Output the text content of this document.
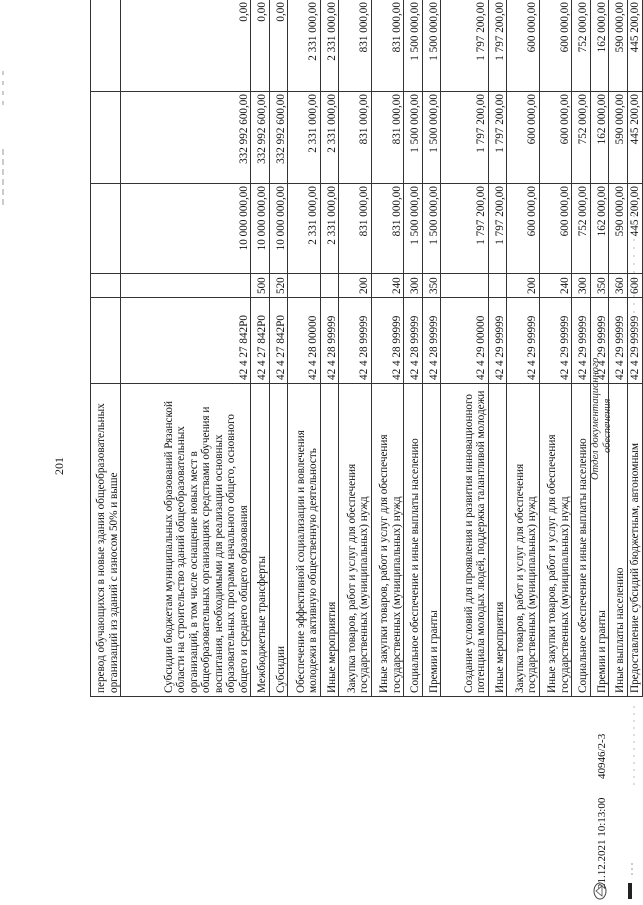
201	перевод обучающихся в новые здания общеобразовательных организаций из зданий с износом 50% и выше					
Субсидии бюджетам муниципальных образований Рязанской области на строительство зданий общеобразовательных организаций, в том числе оснащение новых мест в общеобразовательных организациях средствами обучения и воспитания, необходимыми для реализации основных образовательных программ начального общего, основного общего и среднего общего образования	42 4 27 842Р0		10 000 000,00	332 992 600,00	0,00
Межбюджетные трансферты	42 4 27 842Р0	500	10 000 000,00	332 992 600,00	0,00
Субсидии	42 4 27 842Р0	520	10 000 000,00	332 992 600,00	0,00
Обеспечение эффективной социализации и вовлечения молодежи в активную общественную деятельность	42 4 28 00000		2 331 000,00	2 331 000,00	2 331 000,00
Иные мероприятия	42 4 28 99999		2 331 000,00	2 331 000,00	2 331 000,00
Закупка товаров, работ и услуг для обеспечения государственных (муниципальных) нужд	42 4 28 99999	200	831 000,00	831 000,00	831 000,00
Иные закупки товаров, работ и услуг для обеспечения государственных (муниципальных) нужд	42 4 28 99999	240	831 000,00	831 000,00	831 000,00
Социальное обеспечение и иные выплаты населению	42 4 28 99999	300	1 500 000,00	1 500 000,00	1 500 000,00
Премии и гранты	42 4 28 99999	350	1 500 000,00	1 500 000,00	1 500 000,00
Создание условий для проявления и развития инновационного потенциала молодых людей, поддержка талантливой молодежи	42 4 29 00000		1 797 200,00	1 797 200,00	1 797 200,00
Иные мероприятия	42 4 29 99999		1 797 200,00	1 797 200,00	1 797 200,00
Закупка товаров, работ и услуг для обеспечения государственных (муниципальных) нужд	42 4 29 99999	200	600 000,00	600 000,00	600 000,00
Иные закупки товаров, работ и услуг для обеспечения государственных (муниципальных) нужд	42 4 29 99999	240	600 000,00	600 000,00	600 000,00
Социальное обеспечение и иные выплаты населению	42 4 29 99999	300	752 000,00	752 000,00	752 000,00
Премии и гранты	42 4 29 99999	350	162 000,00	162 000,00	162 000,00
Иные выплаты населению	42 4 29 99999	360	590 000,00	590 000,00	590 000,00
Предоставление субсидий бюджетным, автономным	42 4 29 99999	600	445 200,00	445 200,00	445 200,00
21.12.2021 10:13:00
40946/2-3
Отдел документационного обеспечения
